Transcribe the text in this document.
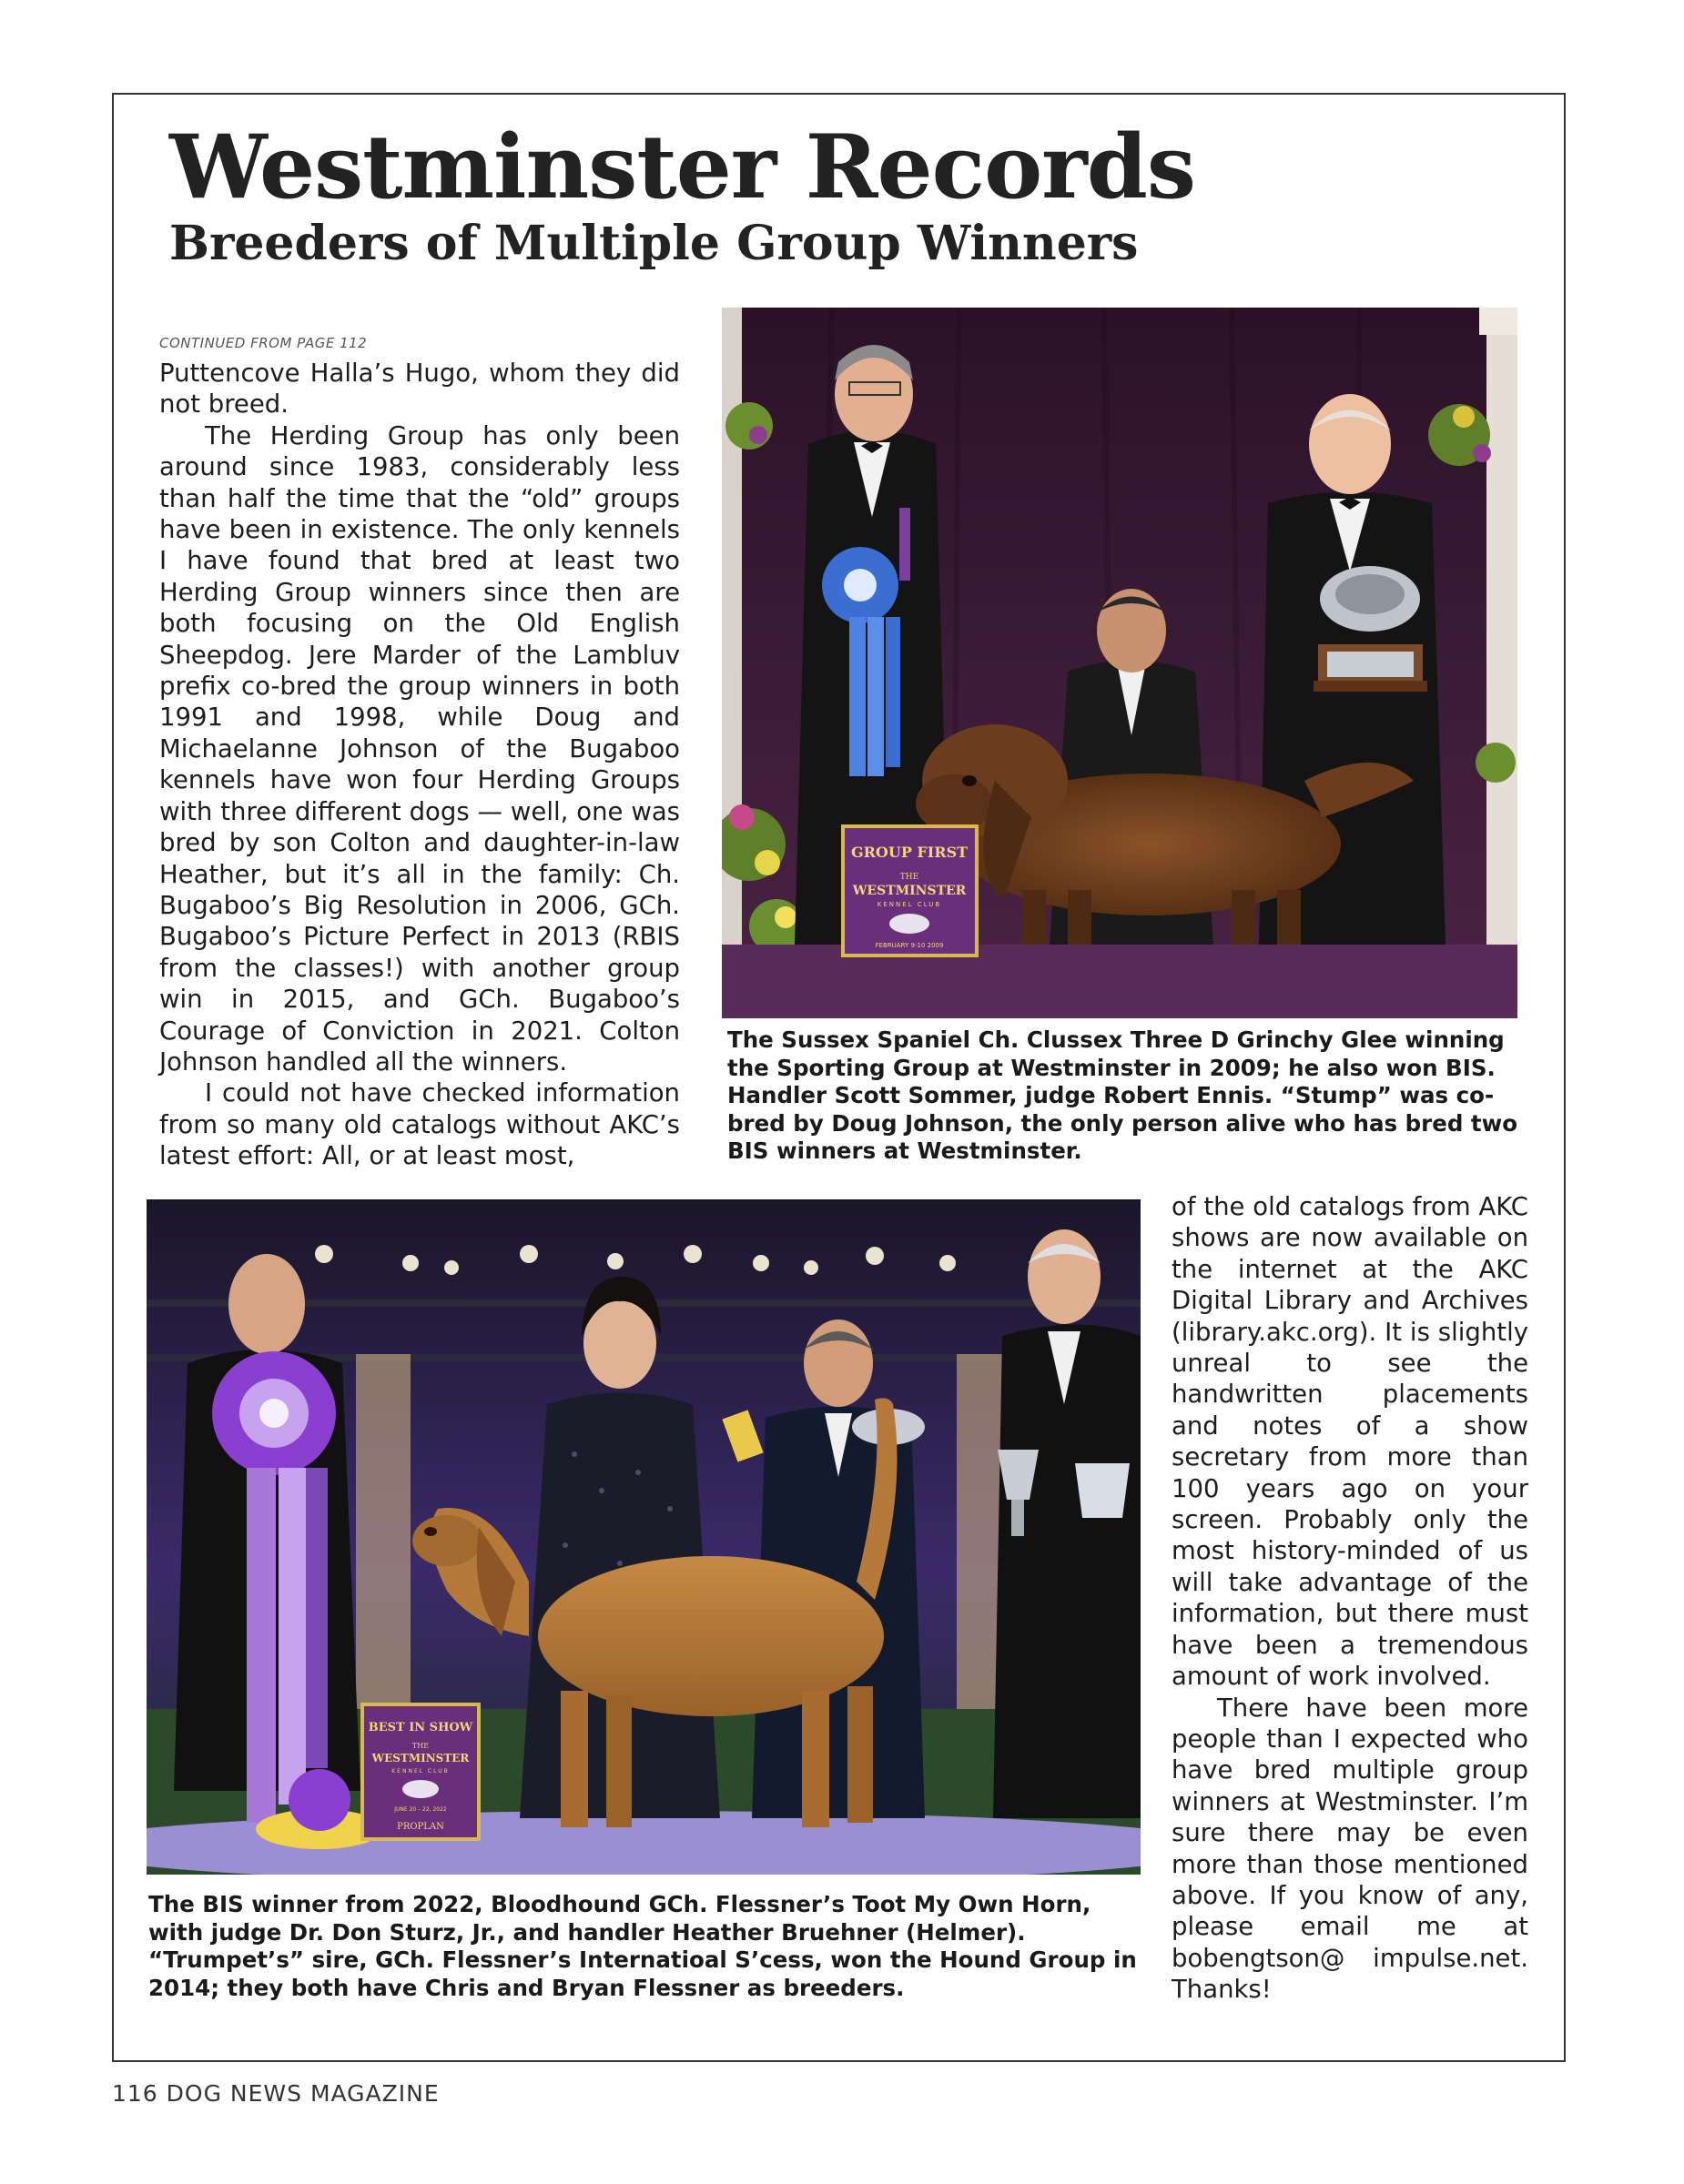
Westminster Records
Breeders of Multiple Group Winners
CONTINUED FROM PAGE 112

Puttencove Halla’s Hugo, whom they did not breed.

The Herding Group has only been around since 1983, considerably less than half the time that the “old” groups have been in existence. The only kennels I have found that bred at least two Herding Group winners since then are both focusing on the Old English Sheepdog. Jere Marder of the Lambluv prefix co-bred the group winners in both 1991 and 1998, while Doug and Michaelanne Johnson of the Bugaboo kennels have won four Herding Groups with three different dogs — well, one was bred by son Colton and daughter-in-law Heather, but it’s all in the family: Ch. Bugaboo’s Big Resolution in 2006, GCh. Bugaboo’s Picture Perfect in 2013 (RBIS from the classes!) with another group win in 2015, and GCh. Bugaboo’s Courage of Conviction in 2021. Colton Johnson handled all the winners.

I could not have checked information from so many old catalogs without AKC’s latest effort: All, or at least most,

GROUP FIRST
THE
WESTMINSTER
KENNEL CLUB
FEBRUARY 9-10 2009

The Sussex Spaniel Ch. Clussex Three D Grinchy Glee winning the Sporting Group at Westminster in 2009; he also won BIS. Handler Scott Sommer, judge Robert Ennis. “Stump” was co-bred by Doug Johnson, the only person alive who has bred two BIS winners at Westminster.

BEST IN SHOW
THE
WESTMINSTER
KENNEL CLUB
JUNE 20 – 22, 2022
PROPLAN

The BIS winner from 2022, Bloodhound GCh. Flessner’s Toot My Own Horn, with judge Dr. Don Sturz, Jr., and handler Heather Bruehner (Helmer). “Trumpet’s” sire, GCh. Flessner’s Internatioal S’cess, won the Hound Group in 2014; they both have Chris and Bryan Flessner as breeders.

of the old catalogs from AKC shows are now available on the internet at the AKC Digital Library and Archives (library.akc.org). It is slightly unreal to see the handwritten placements and notes of a show secretary from more than 100 years ago on your screen. Probably only the most history-minded of us will take advantage of the information, but there must have been a tremendous amount of work involved.

There have been more people than I expected who have bred multiple group winners at Westminster. I’m sure there may be even more than those mentioned above. If you know of any, please email me at bobengtson@ impulse.net. Thanks!

116 DOG NEWS MAGAZINE
